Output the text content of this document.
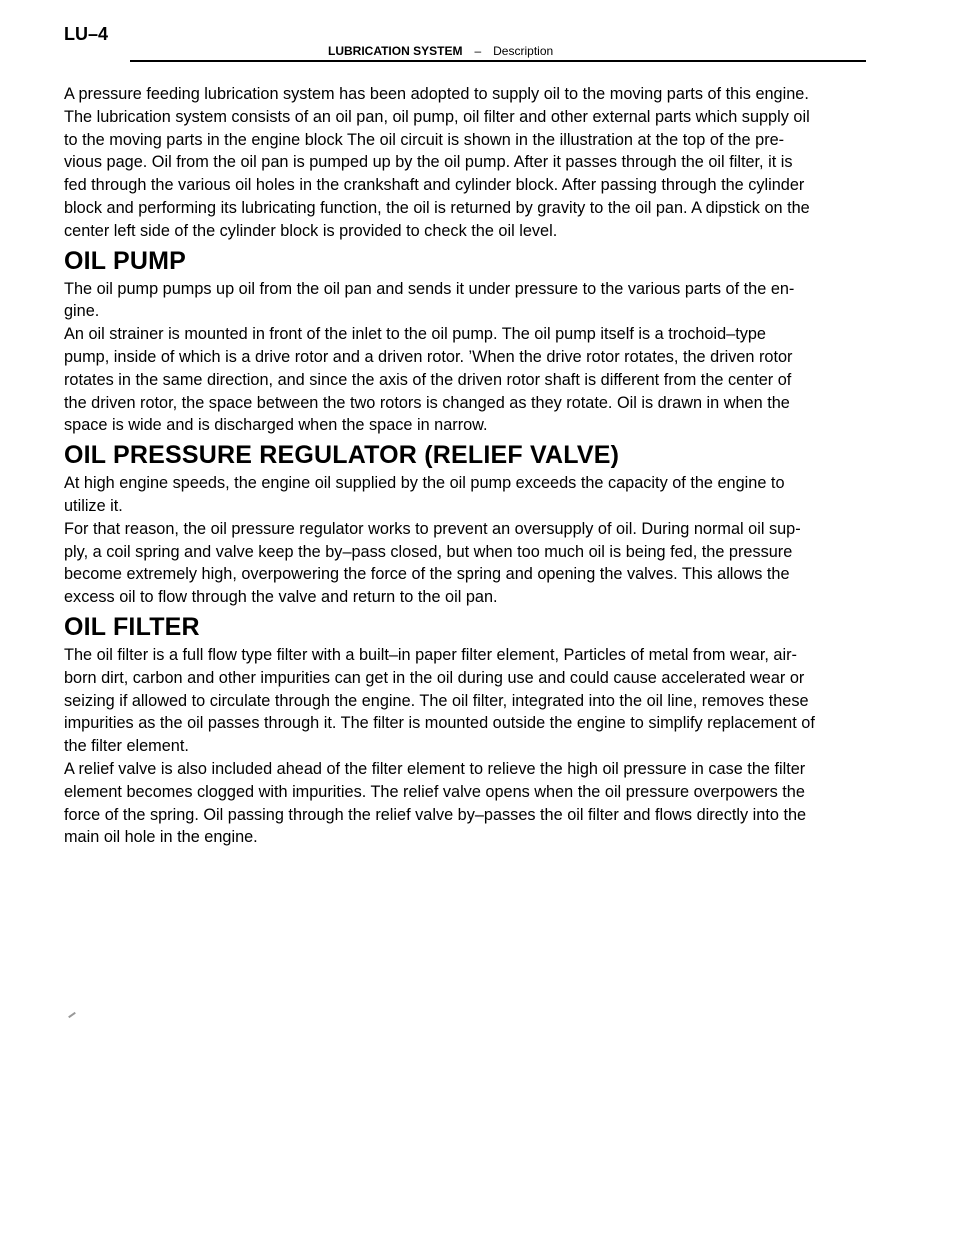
LU–4
LUBRICATION SYSTEM – Description

A pressure feeding lubrication system has been adopted to supply oil to the moving parts of this engine.

The lubrication system consists of an oil pan, oil pump, oil filter and other external parts which supply oil

to the moving parts in the engine block The oil circuit is shown in the illustration at the top of the pre-

vious page. Oil from the oil pan is pumped up by the oil pump. After it passes through the oil filter, it is

fed through the various oil holes in the crankshaft and cylinder block. After passing through the cylinder

block and performing its lubricating function, the oil is returned by gravity to the oil pan. A dipstick on the

center left side of the cylinder block is provided to check the oil level.

OIL PUMP

The oil pump pumps up oil from the oil pan and sends it under pressure to the various parts of the en-

gine.

An oil strainer is mounted in front of the inlet to the oil pump. The oil pump itself is a trochoid–type

pump, inside of which is a drive rotor and a driven rotor. ’When the drive rotor rotates, the driven rotor

rotates in the same direction, and since the axis of the driven rotor shaft is different from the center of

the driven rotor, the space between the two rotors is changed as they rotate. Oil is drawn in when the

space is wide and is discharged when the space in narrow.

OIL PRESSURE REGULATOR (RELIEF VALVE)

At high engine speeds, the engine oil supplied by the oil pump exceeds the capacity of the engine to

utilize it.

For that reason, the oil pressure regulator works to prevent an oversupply of oil. During normal oil sup-

ply, a coil spring and valve keep the by–pass closed, but when too much oil is being fed, the pressure

become extremely high, overpowering the force of the spring and opening the valves. This allows the

excess oil to flow through the valve and return to the oil pan.

OIL FILTER

The oil filter is a full flow type filter with a built–in paper filter element, Particles of metal from wear, air-

born dirt, carbon and other impurities can get in the oil during use and could cause accelerated wear or

seizing if allowed to circulate through the engine. The oil filter, integrated into the oil line, removes these

impurities as the oil passes through it. The filter is mounted outside the engine to simplify replacement of

the filter element.

A relief valve is also included ahead of the filter element to relieve the high oil pressure in case the filter

element becomes clogged with impurities. The relief valve opens when the oil pressure overpowers the

force of the spring. Oil passing through the relief valve by–passes the oil filter and flows directly into the

main oil hole in the engine.
